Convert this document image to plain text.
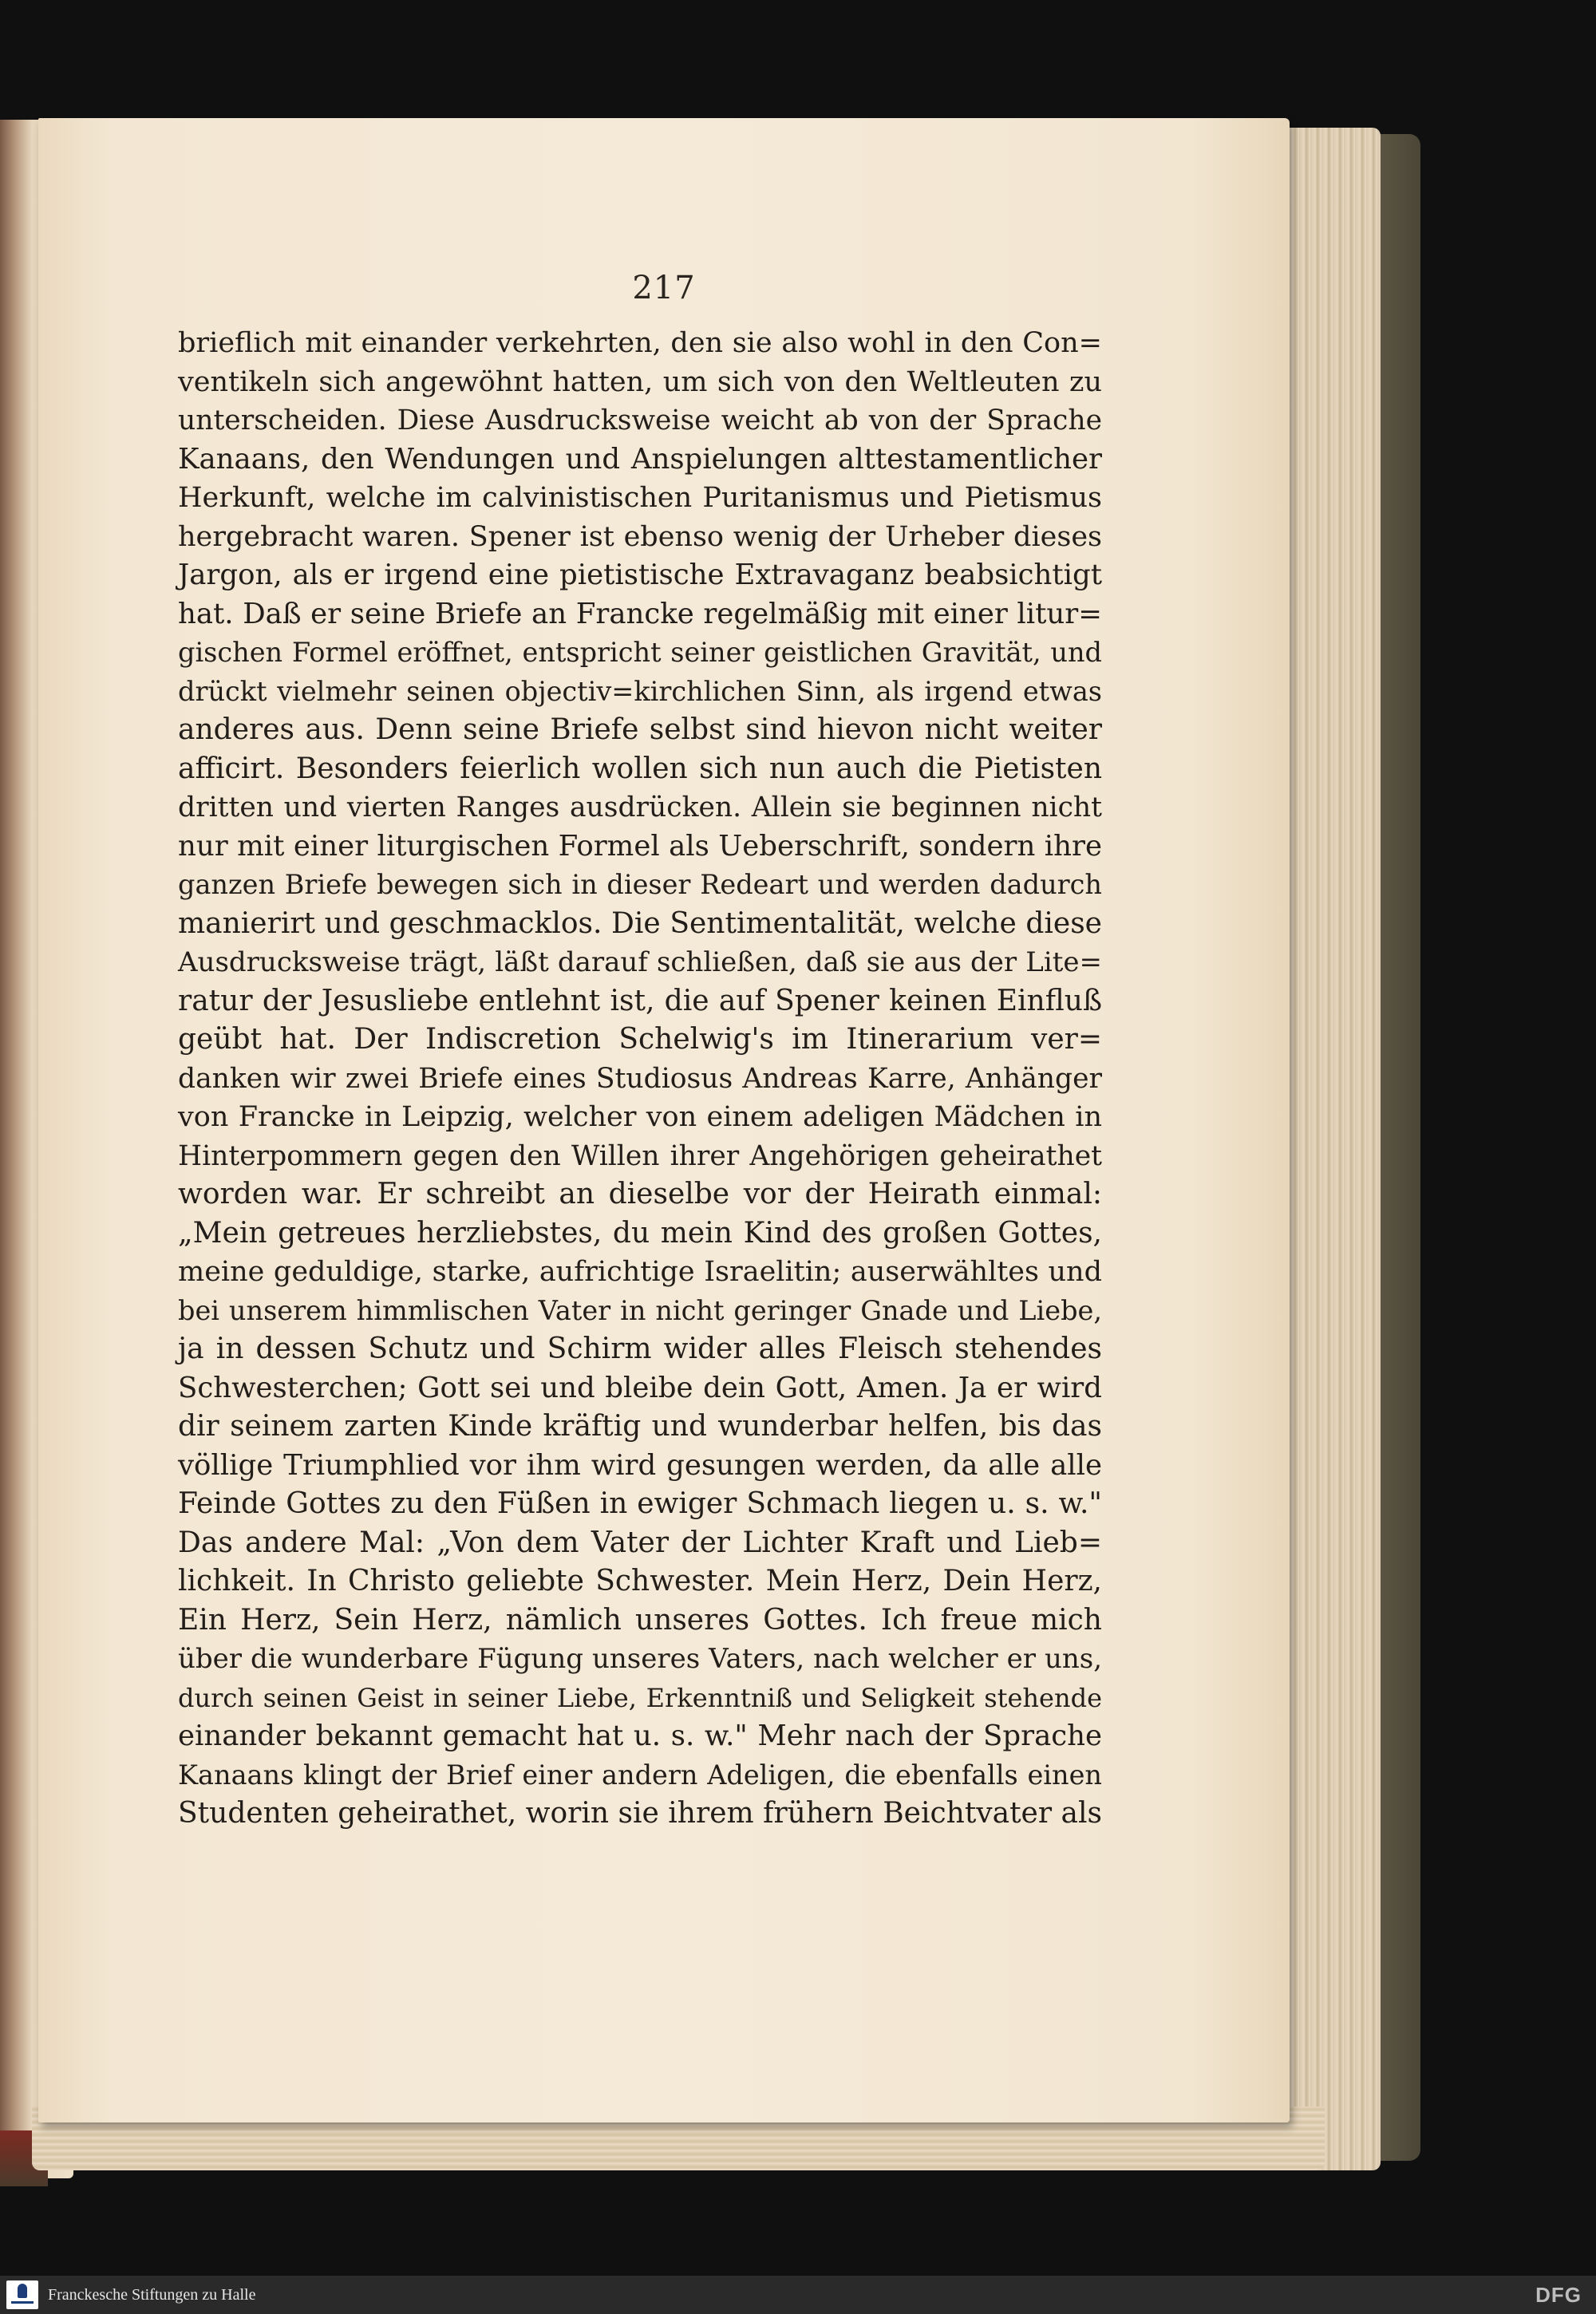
217
brieflich mit einander verkehrten, den sie also wohl in den Con=
ventikeln sich angewöhnt hatten, um sich von den Weltleuten zu
unterscheiden. Diese Ausdrucksweise weicht ab von der Sprache
Kanaans, den Wendungen und Anspielungen alttestamentlicher
Herkunft, welche im calvinistischen Puritanismus und Pietismus
hergebracht waren. Spener ist ebenso wenig der Urheber dieses
Jargon, als er irgend eine pietistische Extravaganz beabsichtigt
hat. Daß er seine Briefe an Francke regelmäßig mit einer litur=
gischen Formel eröffnet, entspricht seiner geistlichen Gravität, und
drückt vielmehr seinen objectiv=kirchlichen Sinn, als irgend etwas
anderes aus. Denn seine Briefe selbst sind hievon nicht weiter
afficirt. Besonders feierlich wollen sich nun auch die Pietisten
dritten und vierten Ranges ausdrücken. Allein sie beginnen nicht
nur mit einer liturgischen Formel als Ueberschrift, sondern ihre
ganzen Briefe bewegen sich in dieser Redeart und werden dadurch
manierirt und geschmacklos. Die Sentimentalität, welche diese
Ausdrucksweise trägt, läßt darauf schließen, daß sie aus der Lite=
ratur der Jesusliebe entlehnt ist, die auf Spener keinen Einfluß
geübt hat. Der Indiscretion Schelwig's im Itinerarium ver=
danken wir zwei Briefe eines Studiosus Andreas Karre, Anhänger
von Francke in Leipzig, welcher von einem adeligen Mädchen in
Hinterpommern gegen den Willen ihrer Angehörigen geheirathet
worden war. Er schreibt an dieselbe vor der Heirath einmal:
„Mein getreues herzliebstes, du mein Kind des großen Gottes,
meine geduldige, starke, aufrichtige Israelitin; auserwähltes und
bei unserem himmlischen Vater in nicht geringer Gnade und Liebe,
ja in dessen Schutz und Schirm wider alles Fleisch stehendes
Schwesterchen; Gott sei und bleibe dein Gott, Amen. Ja er wird
dir seinem zarten Kinde kräftig und wunderbar helfen, bis das
völlige Triumphlied vor ihm wird gesungen werden, da alle alle
Feinde Gottes zu den Füßen in ewiger Schmach liegen u. s. w."
Das andere Mal: „Von dem Vater der Lichter Kraft und Lieb=
lichkeit. In Christo geliebte Schwester. Mein Herz, Dein Herz,
Ein Herz, Sein Herz, nämlich unseres Gottes. Ich freue mich
über die wunderbare Fügung unseres Vaters, nach welcher er uns,
durch seinen Geist in seiner Liebe, Erkenntniß und Seligkeit stehende
einander bekannt gemacht hat u. s. w." Mehr nach der Sprache
Kanaans klingt der Brief einer andern Adeligen, die ebenfalls einen
Studenten geheirathet, worin sie ihrem frühern Beichtvater als
Franckesche Stiftungen zu Halle	DFG
